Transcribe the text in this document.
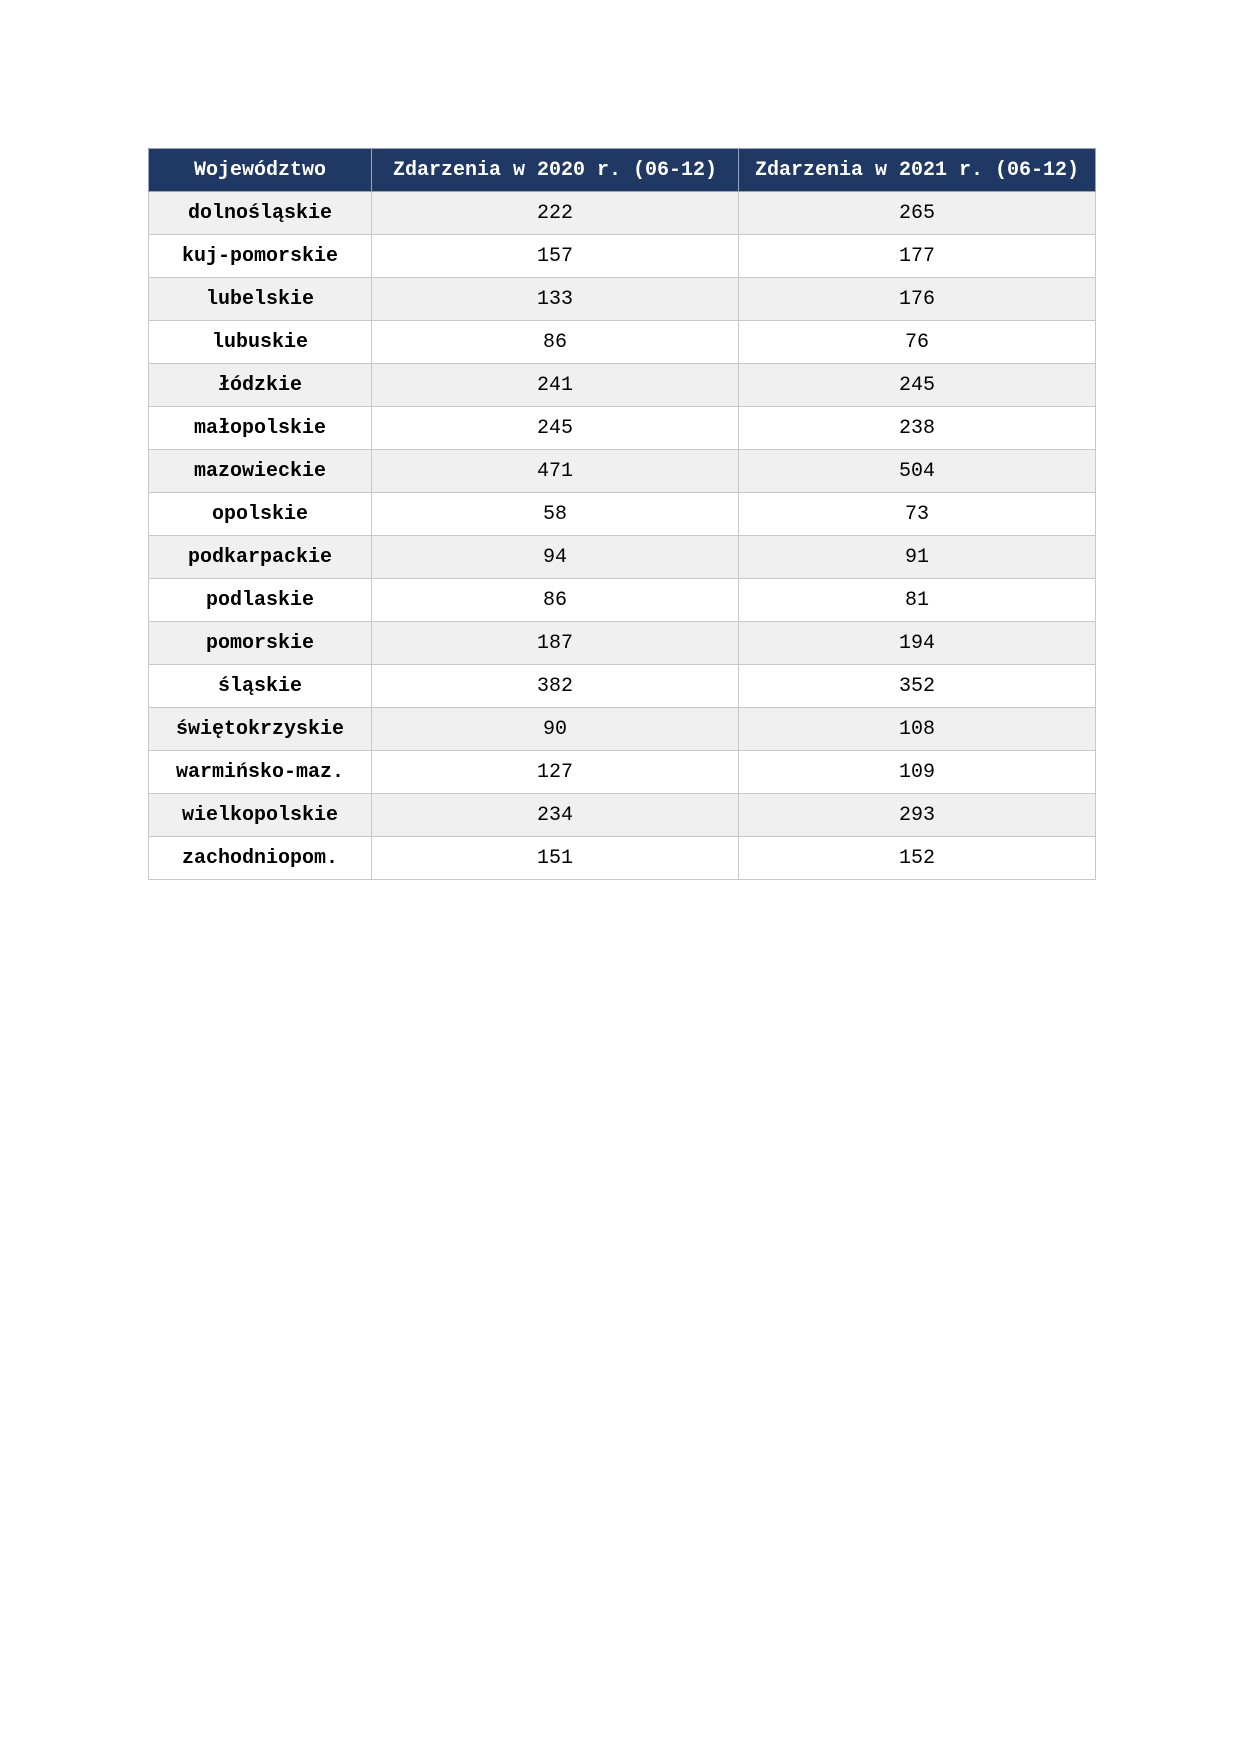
Województwo	Zdarzenia w 2020 r. (06-12)	Zdarzenia w 2021 r. (06-12)
dolnośląskie	222	265
kuj-pomorskie	157	177
lubelskie	133	176
lubuskie	86	76
łódzkie	241	245
małopolskie	245	238
mazowieckie	471	504
opolskie	58	73
podkarpackie	94	91
podlaskie	86	81
pomorskie	187	194
śląskie	382	352
świętokrzyskie	90	108
warmińsko-maz.	127	109
wielkopolskie	234	293
zachodniopom.	151	152
